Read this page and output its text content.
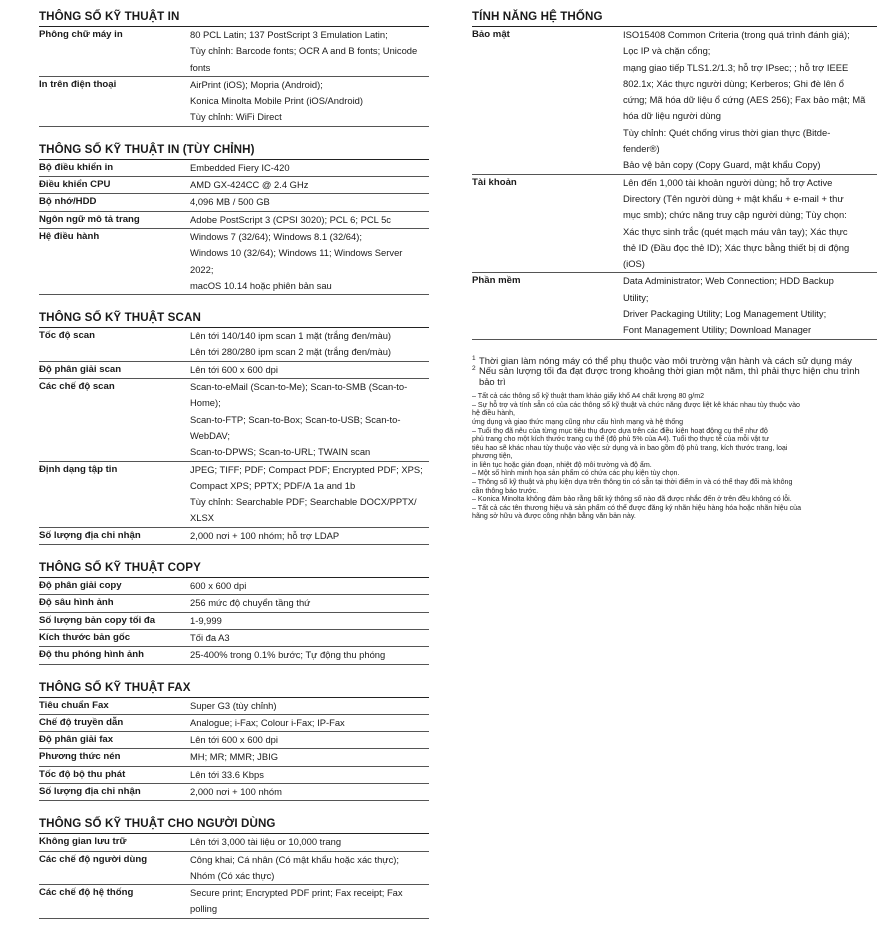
THÔNG SỐ KỸ THUẬT IN
Phông chữ máy in	80 PCL Latin; 137 PostScript 3 Emulation Latin;
Tùy chỉnh: Barcode fonts; OCR A and B fonts; Unicode
fonts
In trên điện thoại	AirPrint (iOS); Mopria (Android);
Konica Minolta Mobile Print (iOS/Android)
Tùy chỉnh: WiFi Direct
THÔNG SỐ KỸ THUẬT IN (TÙY CHỈNH)
Bộ điều khiển in	Embedded Fiery IC-420
Điều khiển CPU	AMD GX-424CC @ 2.4 GHz
Bộ nhớ/HDD	4,096 MB / 500 GB
Ngôn ngữ mô tả trang	Adobe PostScript 3 (CPSI 3020); PCL 6; PCL 5c
Hệ điều hành	Windows 7 (32/64); Windows 8.1 (32/64);
Windows 10 (32/64); Windows 11; Windows Server
2022;
macOS 10.14 hoặc phiên bản sau
THÔNG SỐ KỸ THUẬT SCAN
Tốc độ scan	Lên tới 140/140 ipm scan 1 mặt (trắng đen/màu)
Lên tới 280/280 ipm scan 2 mặt (trắng đen/màu)
Độ phân giải scan	Lên tới 600 x 600 dpi
Các chế độ scan	Scan-to-eMail (Scan-to-Me); Scan-to-SMB (Scan-to-
Home);
Scan-to-FTP; Scan-to-Box; Scan-to-USB; Scan-to-
WebDAV;
Scan-to-DPWS; Scan-to-URL; TWAIN scan
Định dạng tập tin	JPEG; TIFF; PDF; Compact PDF; Encrypted PDF; XPS;
Compact XPS; PPTX; PDF/A 1a and 1b
Tùy chỉnh: Searchable PDF; Searchable DOCX/PPTX/
XLSX
Số lượng địa chỉ nhận	2,000 nơi + 100 nhóm; hỗ trợ LDAP
THÔNG SỐ KỸ THUẬT COPY
Độ phân giải copy	600 x 600 dpi
Độ sâu hình ảnh	256 mức độ chuyển tầng thứ
Số lượng bản copy tối đa	1-9,999
Kích thước bản gốc	Tối đa A3
Độ thu phóng hình ảnh	25-400% trong 0.1% bước; Tự động thu phóng
THÔNG SỐ KỸ THUẬT FAX
Tiêu chuẩn Fax	Super G3 (tùy chỉnh)
Chế độ truyền dẫn	Analogue; i-Fax; Colour i-Fax; IP-Fax
Độ phân giải fax	Lên tới 600 x 600 dpi
Phương thức nén	MH; MR; MMR; JBIG
Tốc độ bộ thu phát	Lên tới 33.6 Kbps
Số lượng địa chỉ nhận	2,000 nơi + 100 nhóm
THÔNG SỐ KỸ THUẬT CHO NGƯỜI DÙNG
Không gian lưu trữ	Lên tới 3,000 tài liệu or 10,000 trang
Các chế độ người dùng	Công khai; Cá nhân (Có mật khẩu hoặc xác thực);
Nhóm (Có xác thực)
Các chế độ hệ thống	Secure print; Encrypted PDF print; Fax receipt; Fax
polling
TÍNH NĂNG HỆ THỐNG
Bảo mật	ISO15408 Common Criteria (trong quá trình đánh giá);
Lọc IP và chặn cổng;
mạng giao tiếp TLS1.2/1.3; hỗ trợ IPsec; ; hỗ trợ IEEE
802.1x; Xác thực người dùng; Kerberos; Ghi đè lên ổ
cứng; Mã hóa dữ liệu ổ cứng (AES 256); Fax bảo mật; Mã
hóa dữ liệu người dùng
Tùy chỉnh: Quét chống virus thời gian thực (Bitde-
fender®)
Bảo vệ bản copy (Copy Guard, mật khẩu Copy)
Tài khoản	Lên đến 1,000 tài khoản người dùng; hỗ trợ Active
Directory (Tên người dùng + mật khẩu + e-mail + thư
mục smb); chức năng truy cập người dùng; Tùy chọn:
Xác thực sinh trắc (quét mạch máu vân tay); Xác thực
thẻ ID (Đầu đọc thẻ ID); Xác thực bằng thiết bị di động
(iOS)
Phần mềm	Data Administrator; Web Connection; HDD Backup
Utility;
Driver Packaging Utility; Log Management Utility;
Font Management Utility; Download Manager
1 Thời gian làm nóng máy có thể phụ thuộc vào môi trường vận hành và cách sử dụng máy
2 Nếu sản lượng tối đa đạt được trong khoảng thời gian một năm, thì phải thực hiện chu trình bảo trì
– Tất cả các thông số kỹ thuật tham khảo giấy khổ A4 chất lượng 80 g/m2
– Sự hỗ trợ và tính sẵn có của các thông số kỹ thuật và chức năng được liệt kê khác nhau tùy thuộc vào
hệ điều hành,
ứng dụng và giao thức mạng cũng như cấu hình mạng và hệ thống
– Tuổi thọ đã nêu của từng mục tiêu thụ được dựa trên các điều kiện hoạt động cụ thể như độ
phủ trang cho một kích thước trang cụ thể (độ phủ 5% của A4). Tuổi thọ thực tế của mỗi vật tư
tiêu hao sẽ khác nhau tùy thuộc vào việc sử dụng và in bao gồm độ phủ trang, kích thước trang, loại
phương tiện,
in liên tục hoặc gián đoạn, nhiệt độ môi trường và độ ẩm.
– Một số hình minh họa sản phẩm có chứa các phụ kiện tùy chọn.
– Thông số kỹ thuật và phụ kiện dựa trên thông tin có sẵn tại thời điểm in và có thể thay đổi mà không
cần thông báo trước.
– Konica Minolta không đảm bảo rằng bất kỳ thông số nào đã được nhắc đến ở trên đều không có lỗi.
– Tất cả các tên thương hiệu và sản phẩm có thể được đăng ký nhãn hiệu hàng hóa hoặc nhãn hiệu của
hãng sở hữu và được công nhận bằng văn bản này.
